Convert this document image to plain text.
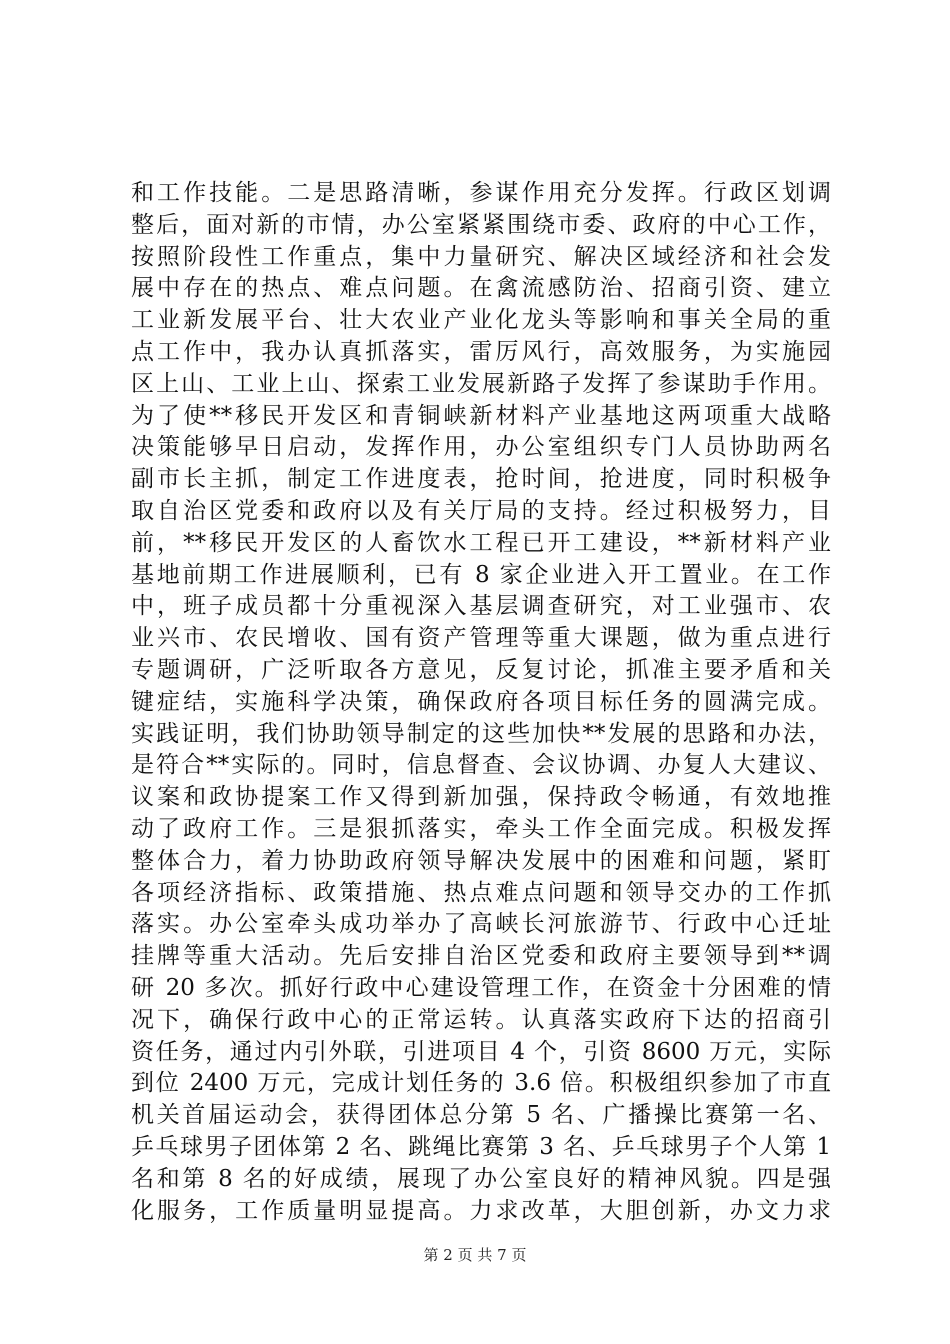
和工作技能。二是思路清晰，参谋作用充分发挥。行政区划调
整后，面对新的市情，办公室紧紧围绕市委、政府的中心工作，
按照阶段性工作重点，集中力量研究、解决区域经济和社会发
展中存在的热点、难点问题。在禽流感防治、招商引资、建立
工业新发展平台、壮大农业产业化龙头等影响和事关全局的重
点工作中，我办认真抓落实，雷厉风行，高效服务，为实施园
区上山、工业上山、探索工业发展新路子发挥了参谋助手作用。
为了使**移民开发区和青铜峡新材料产业基地这两项重大战略
决策能够早日启动，发挥作用，办公室组织专门人员协助两名
副市长主抓，制定工作进度表，抢时间，抢进度，同时积极争
取自治区党委和政府以及有关厅局的支持。经过积极努力，目
前，**移民开发区的人畜饮水工程已开工建设，**新材料产业
基地前期工作进展顺利，已有 8 家企业进入开工置业。在工作
中，班子成员都十分重视深入基层调查研究，对工业强市、农
业兴市、农民增收、国有资产管理等重大课题，做为重点进行
专题调研，广泛听取各方意见，反复讨论，抓准主要矛盾和关
键症结，实施科学决策，确保政府各项目标任务的圆满完成。
实践证明，我们协助领导制定的这些加快**发展的思路和办法，
是符合**实际的。同时，信息督查、会议协调、办复人大建议、
议案和政协提案工作又得到新加强，保持政令畅通，有效地推
动了政府工作。三是狠抓落实，牵头工作全面完成。积极发挥
整体合力，着力协助政府领导解决发展中的困难和问题，紧盯
各项经济指标、政策措施、热点难点问题和领导交办的工作抓
落实。办公室牵头成功举办了高峡长河旅游节、行政中心迁址
挂牌等重大活动。先后安排自治区党委和政府主要领导到**调
研 20 多次。抓好行政中心建设管理工作，在资金十分困难的情
况下，确保行政中心的正常运转。认真落实政府下达的招商引
资任务，通过内引外联，引进项目 4 个，引资 8600 万元，实际
到位 2400 万元，完成计划任务的 3.6 倍。积极组织参加了市直
机关首届运动会，获得团体总分第 5 名、广播操比赛第一名、
乒乓球男子团体第 2 名、跳绳比赛第 3 名、乒乓球男子个人第 1
名和第 8 名的好成绩，展现了办公室良好的精神风貌。四是强
化服务，工作质量明显提高。力求改革，大胆创新，办文力求
第 2 页 共 7 页
